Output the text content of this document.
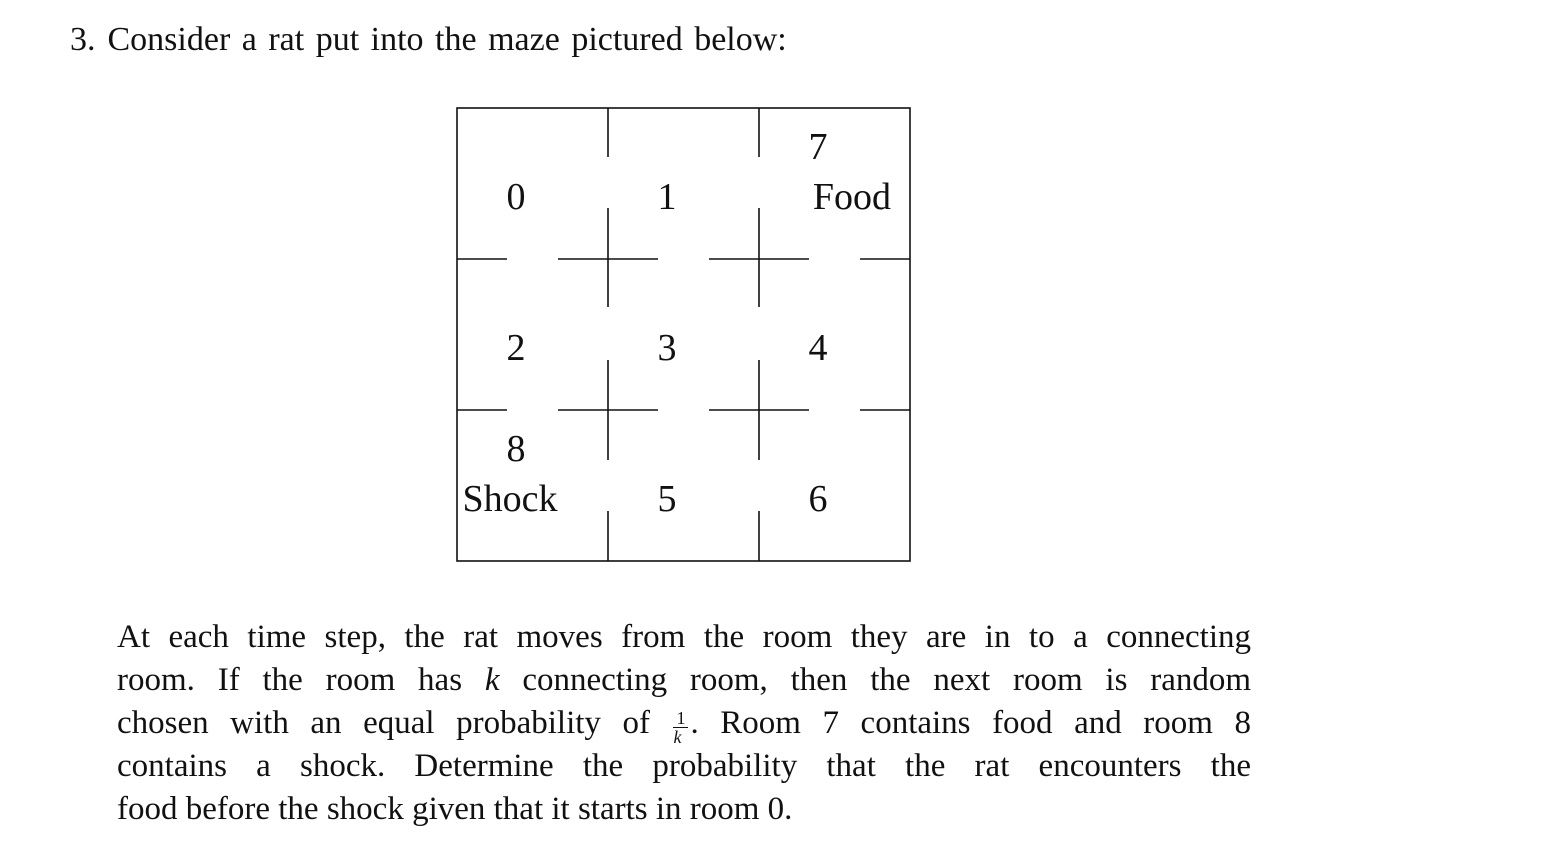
3. Consider a rat put into the maze pictured below:
0	1
7
Food
2	3	4
8
Shock	5	6
At each time step, the rat moves from the room they are in to a connecting
room. If the room has k connecting room, then the next room is random
chosen with an equal probability of $\frac{1}{k}$ . Room 7 contains food and room 8
contains a shock. Determine the probability that the rat encounters the
food before the shock given that it starts in room 0.
